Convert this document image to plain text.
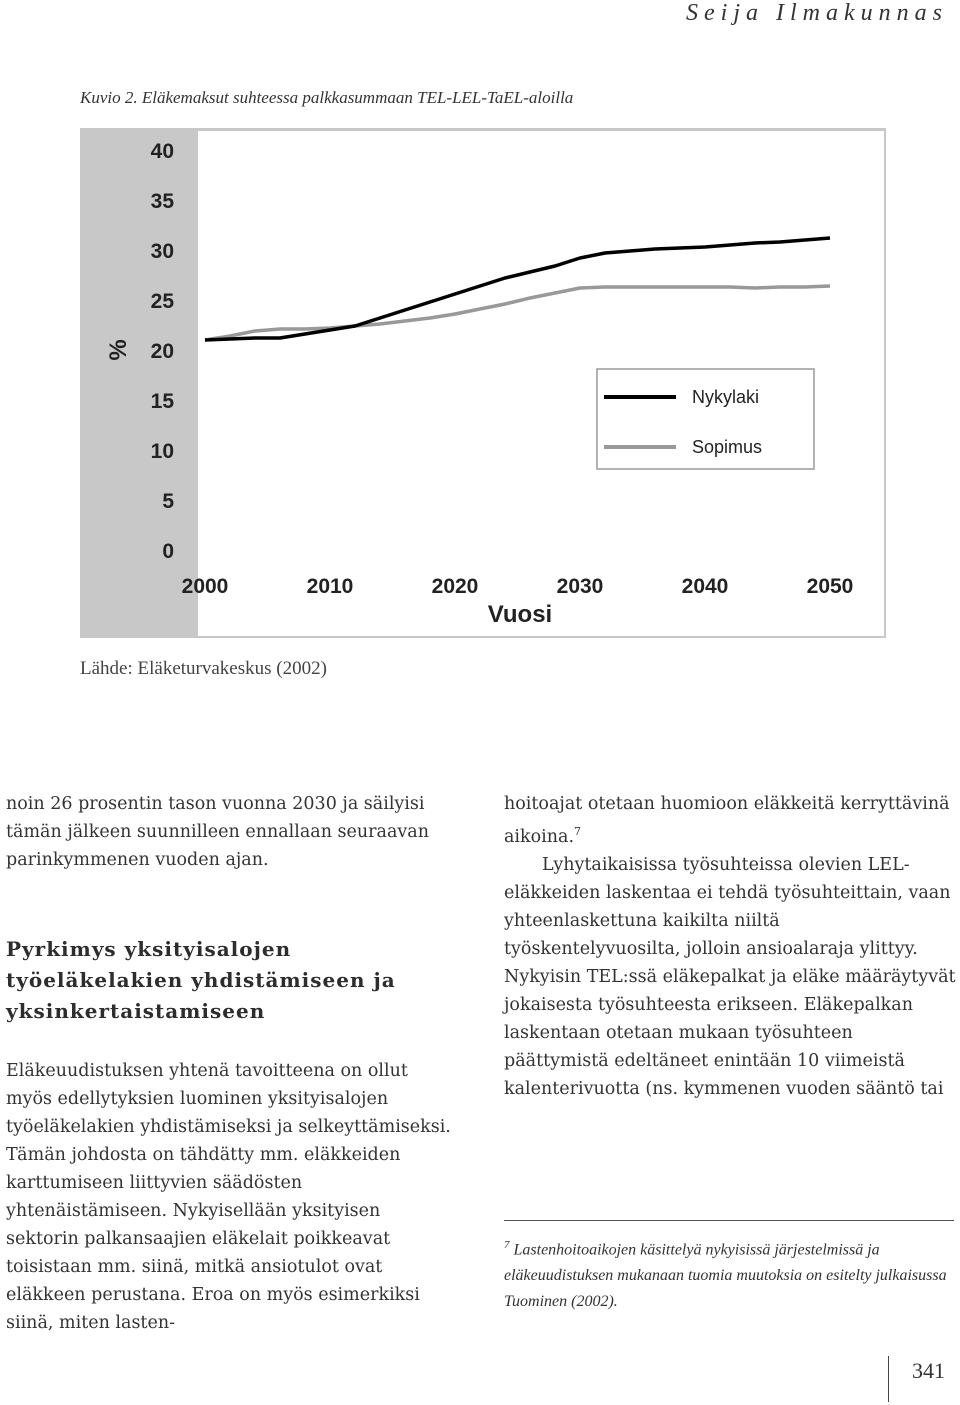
Seija Ilmakunnas
Kuvio 2. Eläkemaksut suhteessa palkkasummaan TEL-LEL-TaEL-aloilla
0
5
10
15
20
25
30
35
40
2000	2010	2020	2030	2040	2050
%
Vuosi
Nykylaki
Sopimus
Lähde: Eläketurvakeskus (2002)

noin 26 prosentin tason vuonna 2030 ja säilyisi tämän jälkeen suunnilleen ennallaan seuraavan parinkymmenen vuoden ajan.

Pyrkimys yksityisalojen työeläkelakien yhdistämiseen ja yksinkertaistamiseen

Eläkeuudistuksen yhtenä tavoitteena on ollut myös edellytyksien luominen yksityisalojen työeläkelakien yhdistämiseksi ja selkeyttämiseksi. Tämän johdosta on tähdätty mm. eläkkeiden karttumiseen liittyvien säädösten yhtenäistämiseen. Nykyisellään yksityisen sektorin palkansaajien eläkelait poikkeavat toisistaan mm. siinä, mitkä ansiotulot ovat eläkkeen perustana. Eroa on myös esimerkiksi siinä, miten lasten-

hoitoajat otetaan huomioon eläkkeitä kerryttävinä aikoina.$^7$

Lyhytaikaisissa työsuhteissa olevien LEL-eläkkeiden laskentaa ei tehdä työsuhteittain, vaan yhteenlaskettuna kaikilta niiltä työskentelyvuosilta, jolloin ansioalaraja ylittyy. Nykyisin TEL:ssä eläkepalkat ja eläke määräytyvät jokaisesta työsuhteesta erikseen. Eläkepalkan laskentaan otetaan mukaan työsuhteen päättymistä edeltäneet enintään 10 viimeistä kalenterivuotta (ns. kymmenen vuoden sääntö tai

$^7$ Lastenhoitoaikojen käsittelyä nykyisissä järjestelmissä ja eläkeuudistuksen mukanaan tuomia muutoksia on esitelty julkaisussa Tuominen (2002).
341
